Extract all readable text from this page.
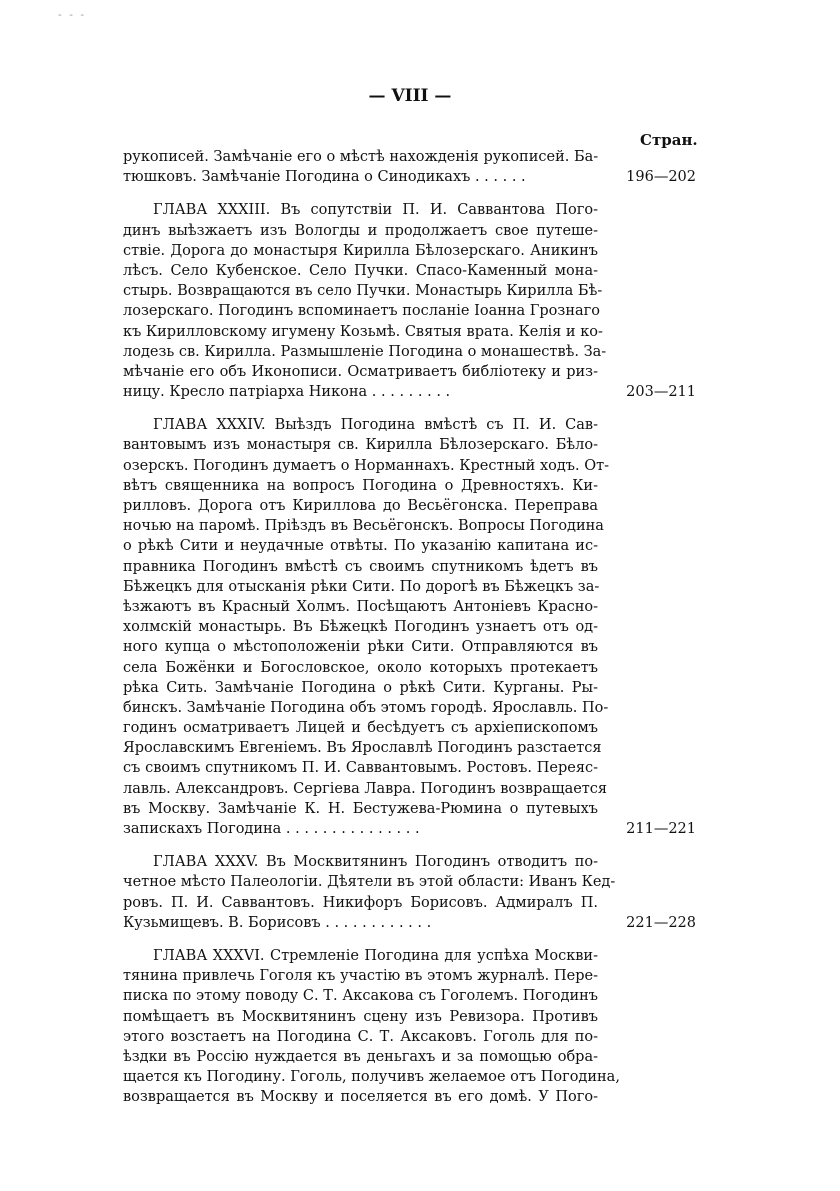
- - -
— VIII —
Стран.
рукописей. Замѣчаніе его о мѣстѣ нахожденія рукописей. Ба-
тюшковъ. Замѣчаніе Погодина о Синодикахъ . . . . . .	196—202
ГЛАВА XXXIII. Въ сопутствіи П. И. Саввантова Пого-
динъ выѣзжаетъ изъ Вологды и продолжаетъ свое путеше-
ствіе. Дорога до монастыря Кирилла Бѣлозерскаго. Аникинъ
лѣсъ. Село Кубенское. Село Пучки. Спасо-Каменный мона-
стырь. Возвращаются въ село Пучки. Монастырь Кирилла Бѣ-
лозерскаго. Погодинъ вспоминаетъ посланіе Іоанна Грознаго
къ Кирилловскому игумену Козьмѣ. Святыя врата. Келія и ко-
лодезь св. Кирилла. Размышленіе Погодина о монашествѣ. За-
мѣчаніе его объ Иконописи. Осматриваетъ библіотеку и риз-
ницу. Кресло патріарха Никона . . . . . . . . .	203—211
ГЛАВА XXXIV. Выѣздъ Погодина вмѣстѣ съ П. И. Сав-
вантовымъ изъ монастыря св. Кирилла Бѣлозерскаго. Бѣло-
озерскъ. Погодинъ думаетъ о Норманнахъ. Крестный ходъ. От-
вѣтъ священника на вопросъ Погодина о Древностяхъ. Ки-
рилловъ. Дорога отъ Кириллова до Весьёгонска. Переправа
ночью на паромѣ. Пріѣздъ въ Весьёгонскъ. Вопросы Погодина
о рѣкѣ Сити и неудачные отвѣты. По указанію капитана ис-
правника Погодинъ вмѣстѣ съ своимъ спутникомъ ѣдетъ въ
Бѣжецкъ для отысканія рѣки Сити. По дорогѣ въ Бѣжецкъ за-
ѣзжаютъ въ Красный Холмъ. Посѣщаютъ Антоніевъ Красно-
холмскій монастырь. Въ Бѣжецкѣ Погодинъ узнаетъ отъ од-
ного купца о мѣстоположеніи рѣки Сити. Отправляются въ
села Божёнки и Богословское, около которыхъ протекаетъ
рѣка Сить. Замѣчаніе Погодина о рѣкѣ Сити. Курганы. Ры-
бинскъ. Замѣчаніе Погодина объ этомъ городѣ. Ярославль. По-
годинъ осматриваетъ Лицей и бесѣдуетъ съ архіепископомъ
Ярославскимъ Евгеніемъ. Въ Ярославлѣ Погодинъ разстается
съ своимъ спутникомъ П. И. Саввантовымъ. Ростовъ. Переяс-
лавль. Александровъ. Сергіева Лавра. Погодинъ возвращается
въ Москву. Замѣчаніе К. Н. Бестужева-Рюмина о путевыхъ
запискахъ Погодина . . . . . . . . . . . . . . .	211—221
ГЛАВА XXXV. Въ Москвитянинъ Погодинъ отводитъ по-
четное мѣсто Палеологіи. Дѣятели въ этой области: Иванъ Кед-
ровъ. П. И. Саввантовъ. Никифоръ Борисовъ. Адмиралъ П.
Кузьмищевъ. В. Борисовъ . . . . . . . . . . . .	221—228
ГЛАВА XXXVI. Стремленіе Погодина для успѣха Москви-
тянина привлечь Гоголя къ участію въ этомъ журналѣ. Пере-
писка по этому поводу С. Т. Аксакова съ Гоголемъ. Погодинъ
помѣщаетъ въ Москвитянинъ сцену изъ Ревизора. Противъ
этого возстаетъ на Погодина С. Т. Аксаковъ. Гоголь для по-
ѣздки въ Россію нуждается въ деньгахъ и за помощью обра-
щается къ Погодину. Гоголь, получивъ желаемое отъ Погодина,
возвращается въ Москву и поселяется въ его домѣ. У Пого-
